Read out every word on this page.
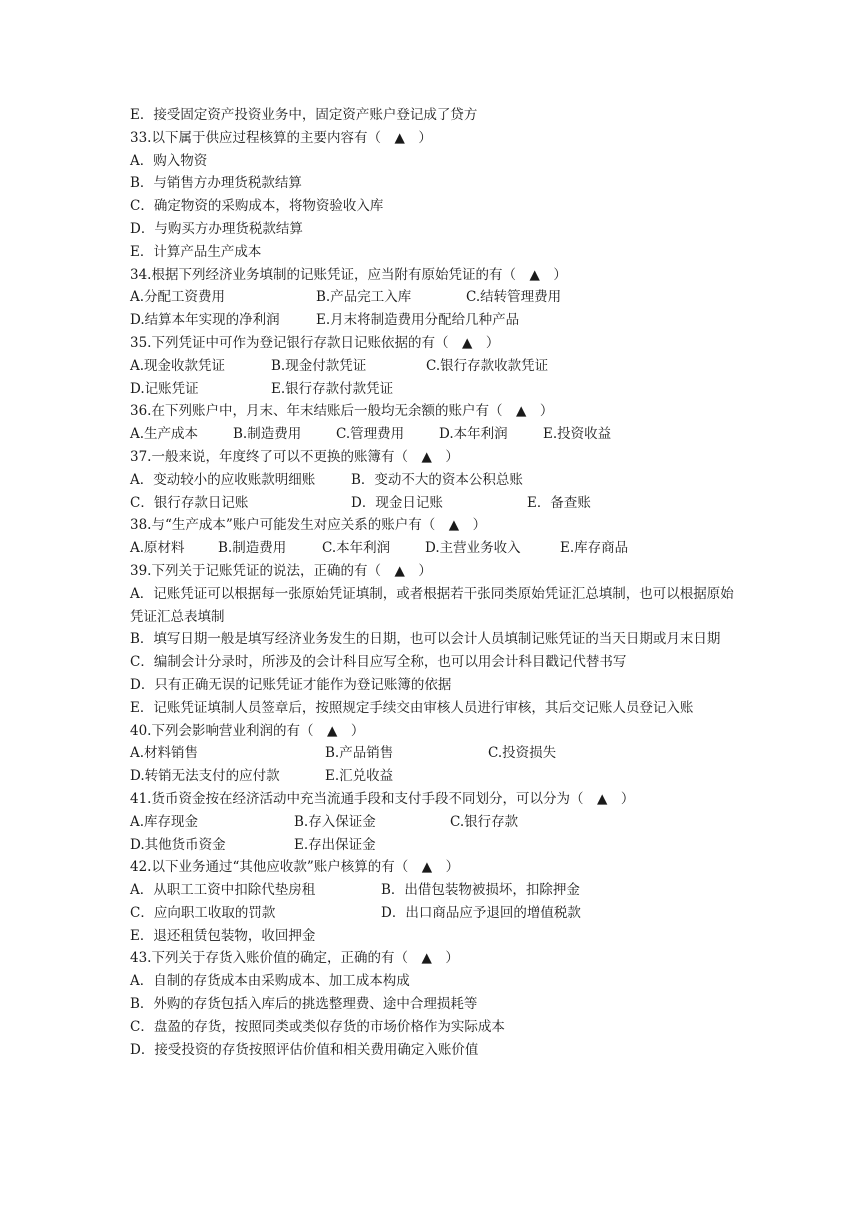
E．接受固定资产投资业务中，固定资产账户登记成了贷方
33.以下属于供应过程核算的主要内容有（　▲　）
A．购入物资
B．与销售方办理货税款结算
C．确定物资的采购成本，将物资验收入库
D．与购买方办理货税款结算
E．计算产品生产成本
34.根据下列经济业务填制的记账凭证，应当附有原始凭证的有（　▲　）
A.分配工资费用	B.产品完工入库	C.结转管理费用
D.结算本年实现的净利润	E.月末将制造费用分配给几种产品
35.下列凭证中可作为登记银行存款日记账依据的有（　▲　）
A.现金收款凭证	B.现金付款凭证	C.银行存款收款凭证
D.记账凭证	E.银行存款付款凭证
36.在下列账户中，月末、年末结账后一般均无余额的账户有（　▲　）
A.生产成本	B.制造费用	C.管理费用	D.本年利润	E.投资收益
37.一般来说，年度终了可以不更换的账簿有（　▲　）
A．变动较小的应收账款明细账	B．变动不大的资本公积总账
C．银行存款日记账	D．现金日记账	E．备查账
38.与“生产成本”账户可能发生对应关系的账户有（　▲　）
A.原材料	B.制造费用	C.本年利润	D.主营业务收入	E.库存商品
39.下列关于记账凭证的说法，正确的有（　▲　）
A．记账凭证可以根据每一张原始凭证填制，或者根据若干张同类原始凭证汇总填制，也可以根据原始凭证汇总表填制
B．填写日期一般是填写经济业务发生的日期，也可以会计人员填制记账凭证的当天日期或月末日期
C．编制会计分录时，所涉及的会计科目应写全称，也可以用会计科目戳记代替书写
D．只有正确无误的记账凭证才能作为登记账簿的依据
E．记账凭证填制人员签章后，按照规定手续交由审核人员进行审核，其后交记账人员登记入账
40.下列会影响营业利润的有（　▲　）
A.材料销售	B.产品销售	C.投资损失
D.转销无法支付的应付款	E.汇兑收益
41.货币资金按在经济活动中充当流通手段和支付手段不同划分，可以分为（　▲　）
A.库存现金	B.存入保证金	C.银行存款
D.其他货币资金	E.存出保证金
42.以下业务通过“其他应收款”账户核算的有（　▲　）
A．从职工工资中扣除代垫房租	B．出借包装物被损坏，扣除押金
C．应向职工收取的罚款	D．出口商品应予退回的增值税款
E．退还租赁包装物，收回押金
43.下列关于存货入账价值的确定，正确的有（　▲　）
A．自制的存货成本由采购成本、加工成本构成
B．外购的存货包括入库后的挑选整理费、途中合理损耗等
C．盘盈的存货，按照同类或类似存货的市场价格作为实际成本
D．接受投资的存货按照评估价值和相关费用确定入账价值
